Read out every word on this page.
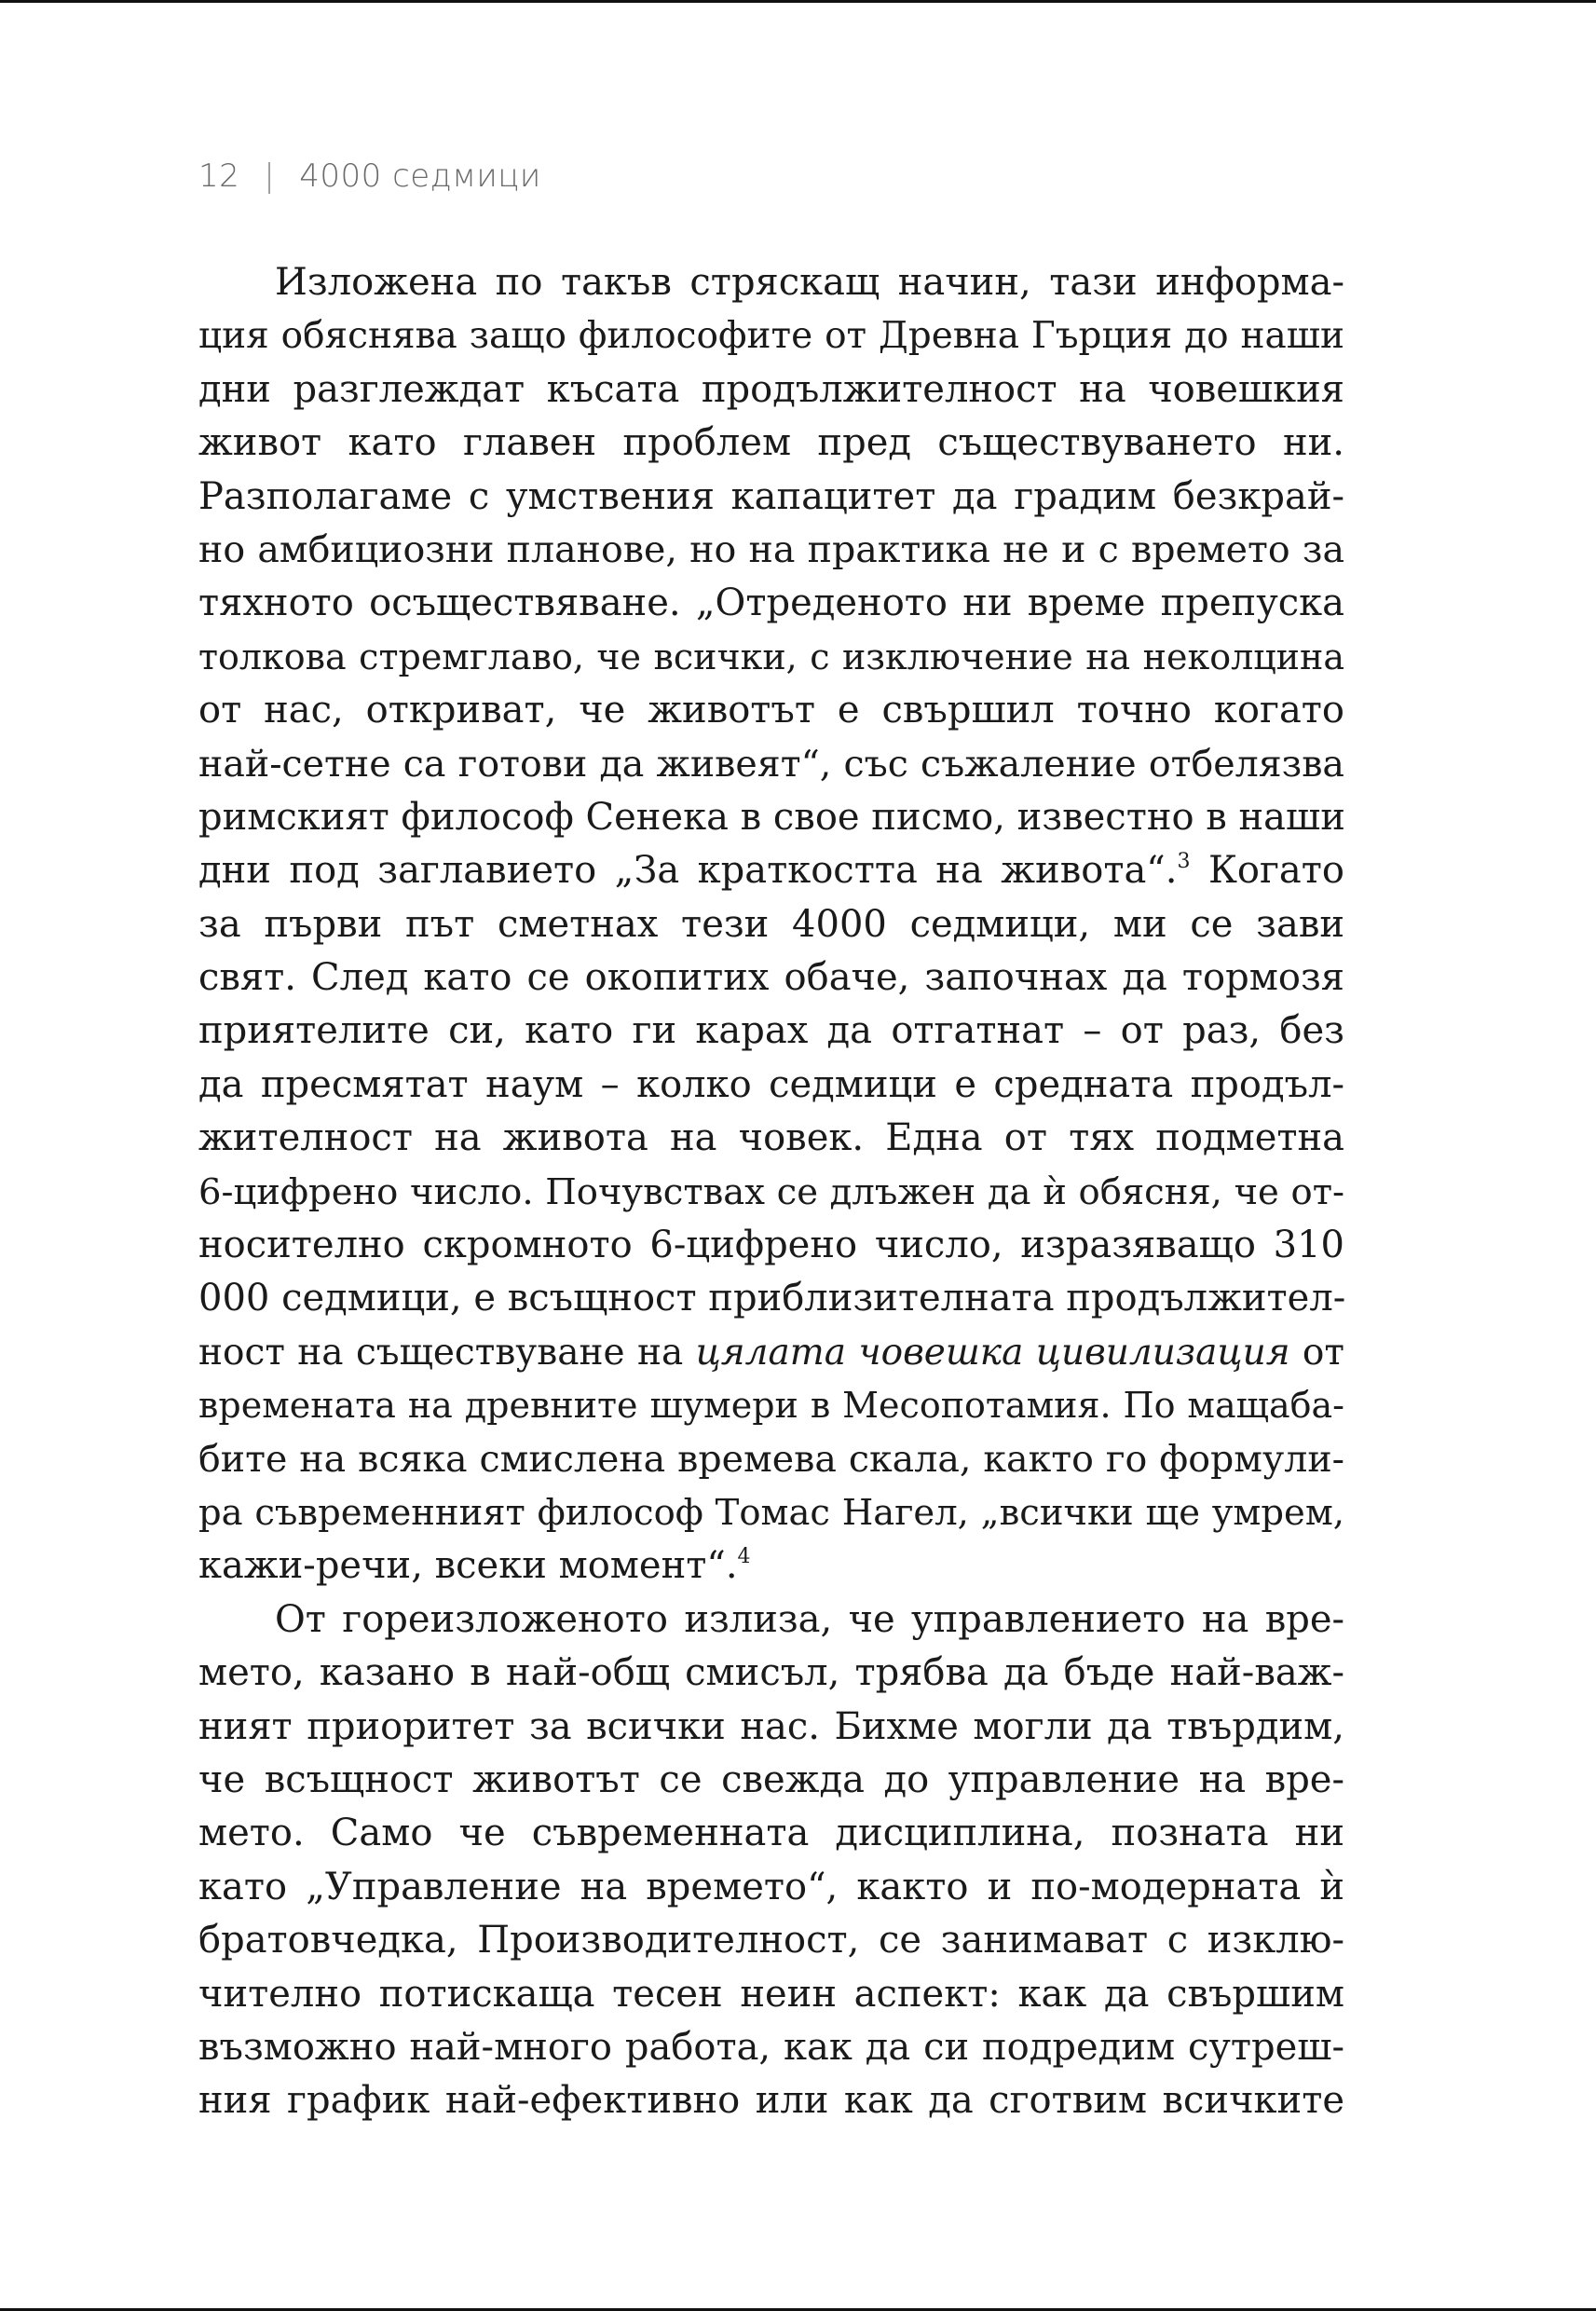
12 | 4000 седмици
Изложена по такъв стряскащ начин, тази информа-
ция обяснява защо философите от Древна Гърция до наши
дни разглеждат късата продължителност на човешкия
живот като главен проблем пред съществуването ни.
Разполагаме с умствения капацитет да градим безкрай-
но амбициозни планове, но на практика не и с времето за
тяхното осъществяване. „Отреденото ни време препуска
толкова стремглаво, че всички, с изключение на неколцина
от нас, откриват, че животът е свършил точно когато
най-сетне са готови да живеят“, със съжаление отбелязва
римският философ Сенека в свое писмо, известно в наши
дни под заглавието „За краткостта на живота“.$^3$ Когато
за първи път сметнах тези 4000 седмици, ми се зави
свят. След като се окопитих обаче, започнах да тормозя
приятелите си, като ги карах да отгатнат – от раз, без
да пресмятат наум – колко седмици е средната продъл-
жителност на живота на човек. Една от тях подметна
6-цифрено число. Почувствах се длъжен да ѝ обясня, че от-
носително скромното 6-цифрено число, изразяващо 310
000 седмици, е всъщност приблизителната продължител-
ност на съществуване на цялата човешка цивилизация от
времената на древните шумери в Месопотамия. По мащаба-
бите на всяка смислена времева скала, както го формули-
ра съвременният философ Томас Нагел, „всички ще умрем,
кажи-речи, всеки момент“.$^4$
От гореизложеното излиза, че управлението на вре-
мето, казано в най-общ смисъл, трябва да бъде най-важ-
ният приоритет за всички нас. Бихме могли да твърдим,
че всъщност животът се свежда до управление на вре-
мето. Само че съвременната дисциплина, позната ни
като „Управление на времето“, както и по-модерната ѝ
братовчедка, Производителност, се занимават с изклю-
чително потискаща тесен неин аспект: как да свършим
възможно най-много работа, как да си подредим сутреш-
ния график най-ефективно или как да сготвим всичките
